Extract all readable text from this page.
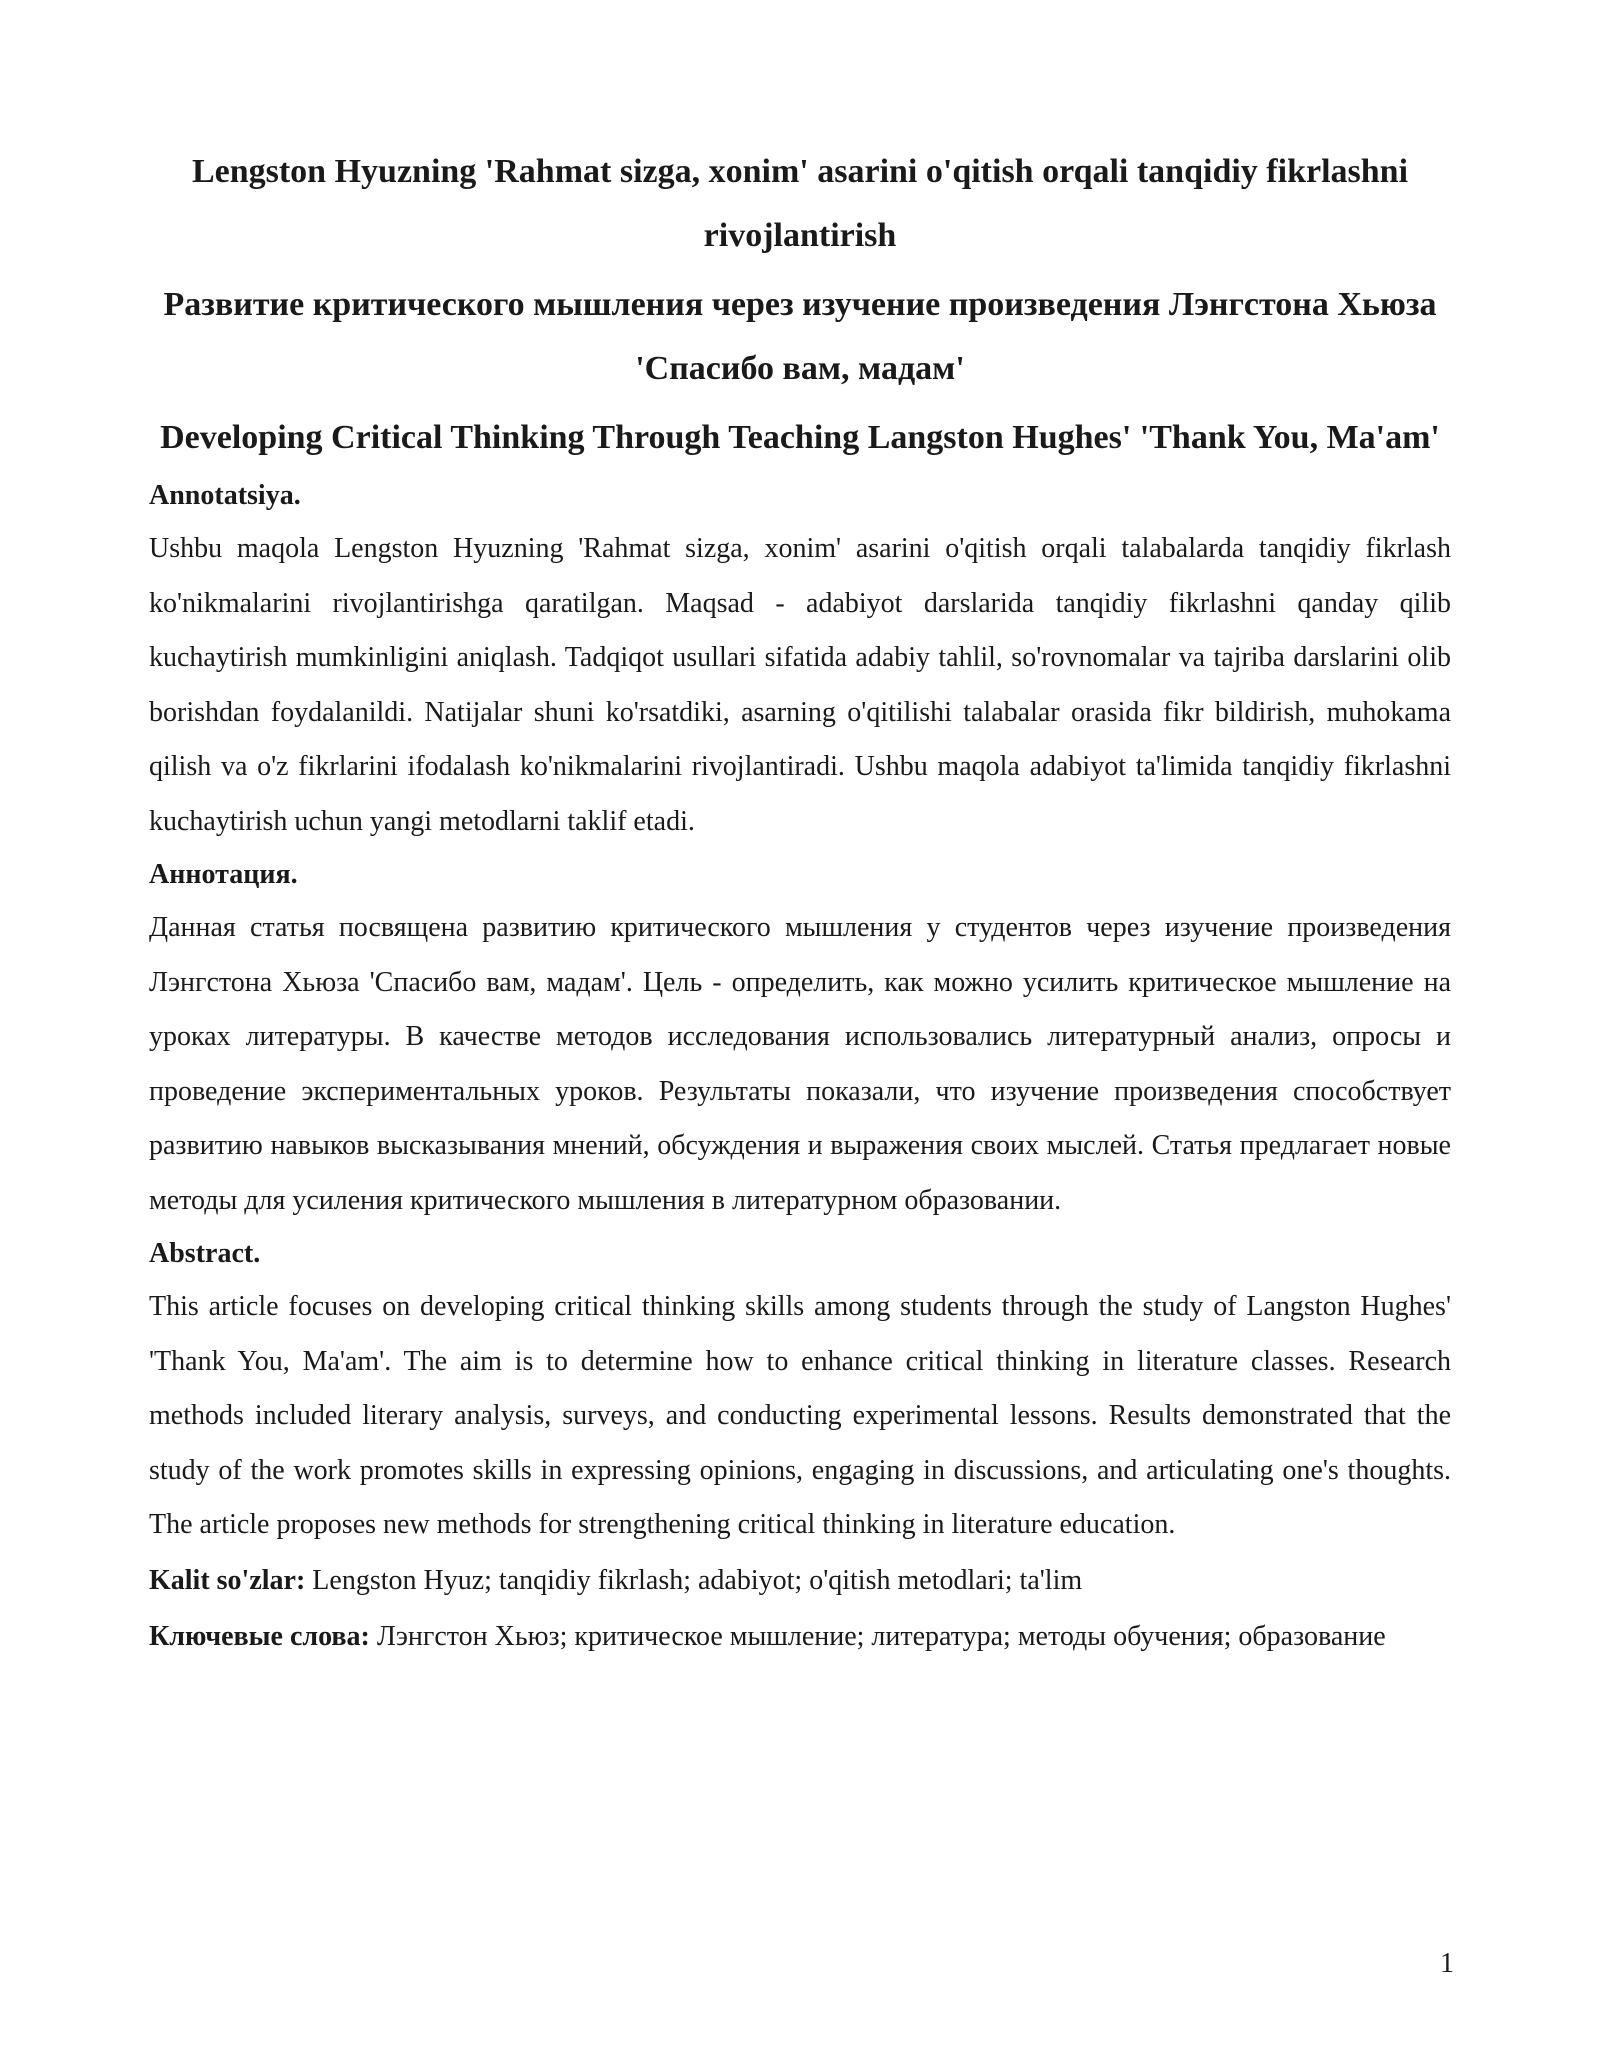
Lengston Hyuzning 'Rahmat sizga, xonim' asarini o'qitish orqali tanqidiy fikrlashni rivojlantirish

Развитие критического мышления через изучение произведения Лэнгстона Хьюза 'Спасибо вам, мадам'

Developing Critical Thinking Through Teaching Langston Hughes' 'Thank You, Ma'am'

Annotatsiya.

Ushbu maqola Lengston Hyuzning 'Rahmat sizga, xonim' asarini o'qitish orqali talabalarda tanqidiy fikrlash ko'nikmalarini rivojlantirishga qaratilgan. Maqsad - adabiyot darslarida tanqidiy fikrlashni qanday qilib kuchaytirish mumkinligini aniqlash. Tadqiqot usullari sifatida adabiy tahlil, so'rovnomalar va tajriba darslarini olib borishdan foydalanildi. Natijalar shuni ko'rsatdiki, asarning o'qitilishi talabalar orasida fikr bildirish, muhokama qilish va o'z fikrlarini ifodalash ko'nikmalarini rivojlantiradi. Ushbu maqola adabiyot ta'limida tanqidiy fikrlashni kuchaytirish uchun yangi metodlarni taklif etadi.

Аннотация.

Данная статья посвящена развитию критического мышления у студентов через изучение произведения Лэнгстона Хьюза 'Спасибо вам, мадам'. Цель - определить, как можно усилить критическое мышление на уроках литературы. В качестве методов исследования использовались литературный анализ, опросы и проведение экспериментальных уроков. Результаты показали, что изучение произведения способствует развитию навыков высказывания мнений, обсуждения и выражения своих мыслей. Статья предлагает новые методы для усиления критического мышления в литературном образовании.

Abstract.

This article focuses on developing critical thinking skills among students through the study of Langston Hughes' 'Thank You, Ma'am'. The aim is to determine how to enhance critical thinking in literature classes. Research methods included literary analysis, surveys, and conducting experimental lessons. Results demonstrated that the study of the work promotes skills in expressing opinions, engaging in discussions, and articulating one's thoughts. The article proposes new methods for strengthening critical thinking in literature education.

Kalit so'zlar: Lengston Hyuz; tanqidiy fikrlash; adabiyot; o'qitish metodlari; ta'lim

Ключевые слова: Лэнгстон Хьюз; критическое мышление; литература; методы обучения; образование

1
